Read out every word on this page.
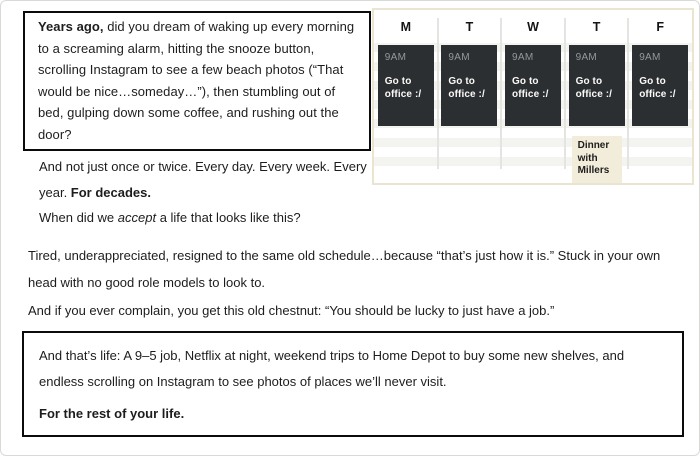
Years ago, did you dream of waking up every morning to a screaming alarm, hitting the snooze button, scrolling Instagram to see a few beach photos (“That would be nice…someday…”), then stumbling out of bed, gulping down some coffee, and rushing out the door?
M
9AM
Go to office :/
T
9AM
Go to office :/
W
9AM
Go to office :/
T
9AM
Go to office :/
Dinner with Millers
F
9AM
Go to office :/
And not just once or twice. Every day. Every week. Every year. For decades.
When did we accept a life that looks like this?
Tired, underappreciated, resigned to the same old schedule…because “that’s just how it is.” Stuck in your own head with no good role models to look to.
And if you ever complain, you get this old chestnut: “You should be lucky to just have a job.”
And that’s life: A 9–5 job, Netflix at night, weekend trips to Home Depot to buy some new shelves, and endless scrolling on Instagram to see photos of places we’ll never visit.
For the rest of your life.
